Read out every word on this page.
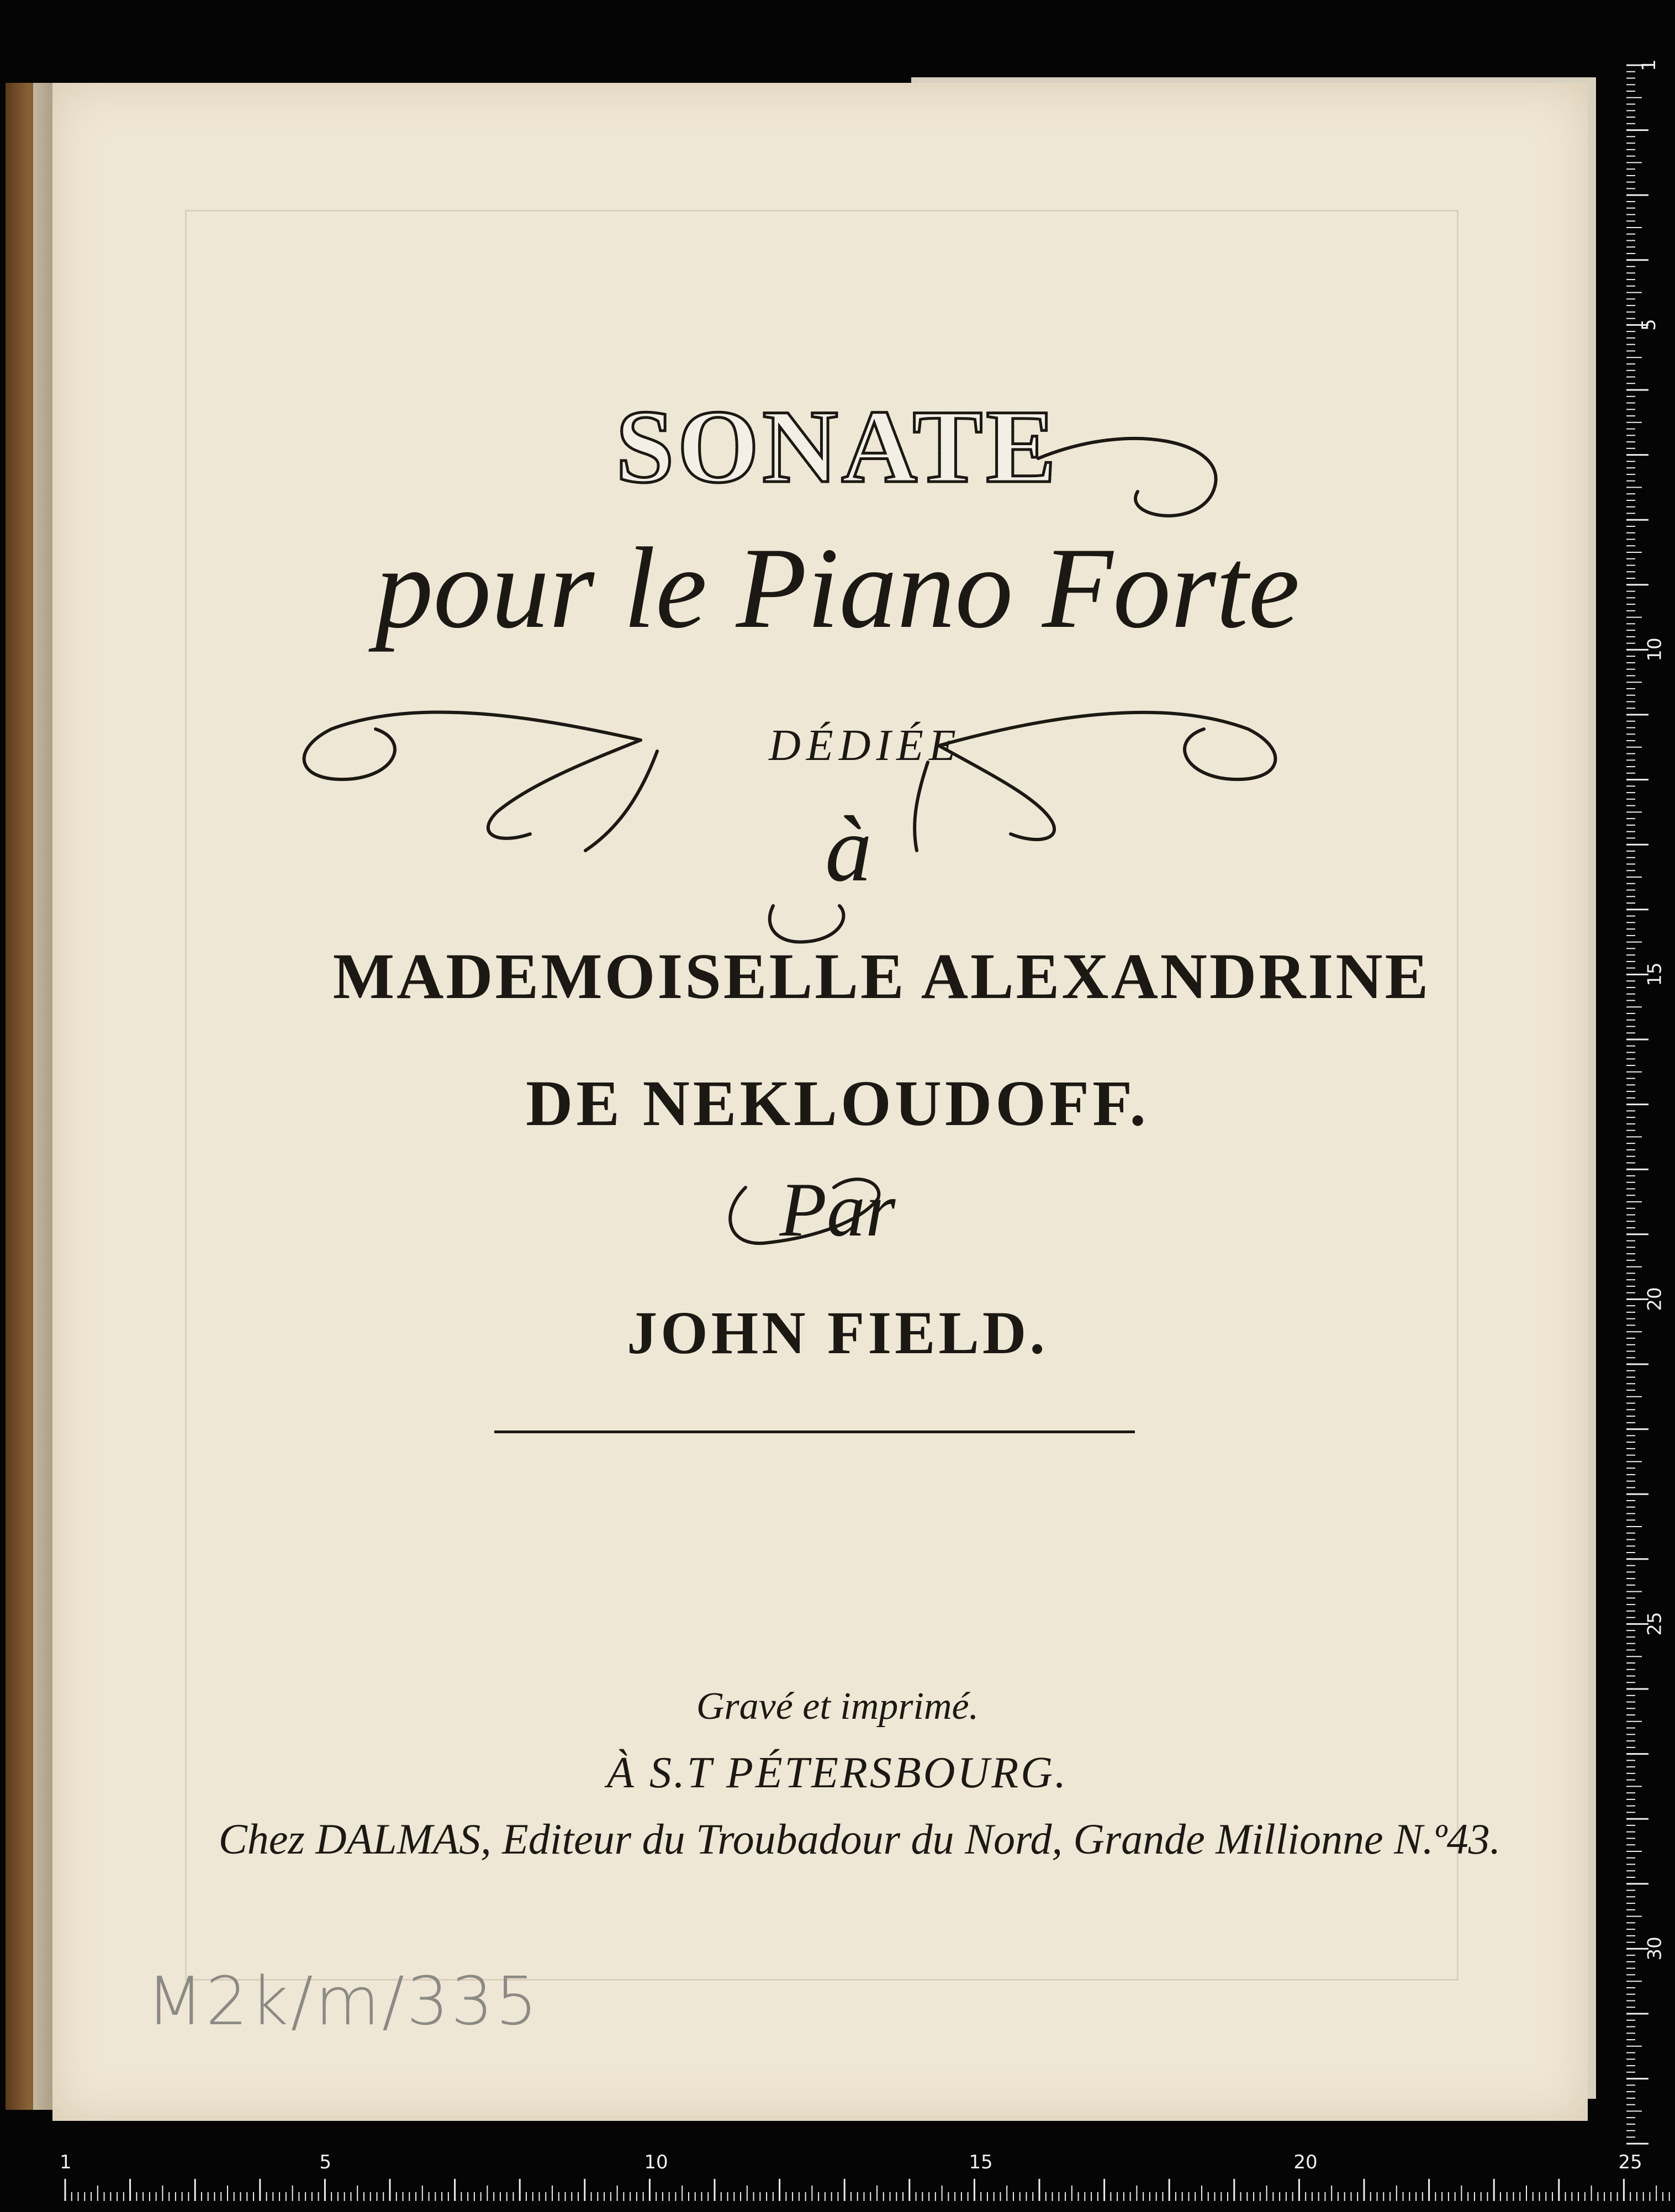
SONATE
pour le Piano Forte
DÉDIÉE
à
MADEMOISELLE ALEXANDRINE
DE NEKLOUDOFF.
Par
JOHN FIELD.
Gravé et imprimé.
À S.T PÉTERSBOURG.
Chez DALMAS, Editeur du Troubadour du Nord, Grande Millionne N.º43.
M2k/m/335
1
5
10
15
20
25
30
1	5	10	15	20	25
